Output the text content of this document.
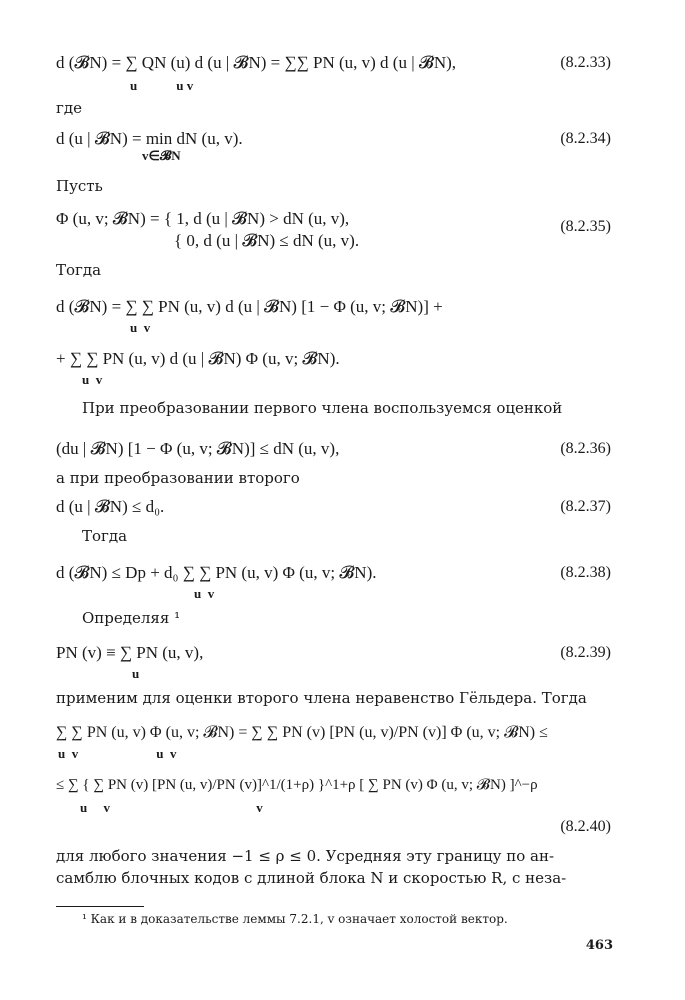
d (𝓑N) = ∑ QN (u) d (u | 𝓑N) = ∑∑ PN (u, v) d (u | 𝓑N),
u            u v
(8.2.33)
где
d (u | 𝓑N) = min dN (u, v).
v∈𝓑N
(8.2.34)
Пусть
Φ (u, v; 𝓑N) = { 1, d (u | 𝓑N) > dN (u, v),
{ 0, d (u | 𝓑N) ≤ dN (u, v).
(8.2.35)
Тогда
d (𝓑N) = ∑ ∑ PN (u, v) d (u | 𝓑N) [1 − Φ (u, v; 𝓑N)] +
u  v
+ ∑ ∑ PN (u, v) d (u | 𝓑N) Φ (u, v; 𝓑N).
u  v
При преобразовании первого члена воспользуемся оценкой
(du | 𝓑N) [1 − Φ (u, v; 𝓑N)] ≤ dN (u, v),	(8.2.36)
а при преобразовании второго
d (u | 𝓑N) ≤ d₀.	(8.2.37)
Тогда
d (𝓑N) ≤ Dp + d₀ ∑ ∑ PN (u, v) Φ (u, v; 𝓑N).
u  v
(8.2.38)
Определяя ¹
PN (v) ≡ ∑ PN (u, v),
u
(8.2.39)
применим для оценки второго члена неравенство Гёльдера. Тогда
∑ ∑ PN (u, v) Φ (u, v; 𝓑N) = ∑ ∑ PN (v) [PN (u, v)/PN (v)] Φ (u, v; 𝓑N) ≤
u  v                        u  v
≤ ∑ { ∑ PN (v) [PN (u, v)/PN (v)]^1/(1+ρ) }^1+ρ [ ∑ PN (v) Φ (u, v; 𝓑N) ]^−ρ
u     v                                             v
(8.2.40)
для любого значения −1 ≤ ρ ≤ 0. Усредняя эту границу по ан-
самблю блочных кодов с длиной блока N и скоростью R, с неза-
¹ Как и в доказательстве леммы 7.2.1, v означает холостой вектор.
463
